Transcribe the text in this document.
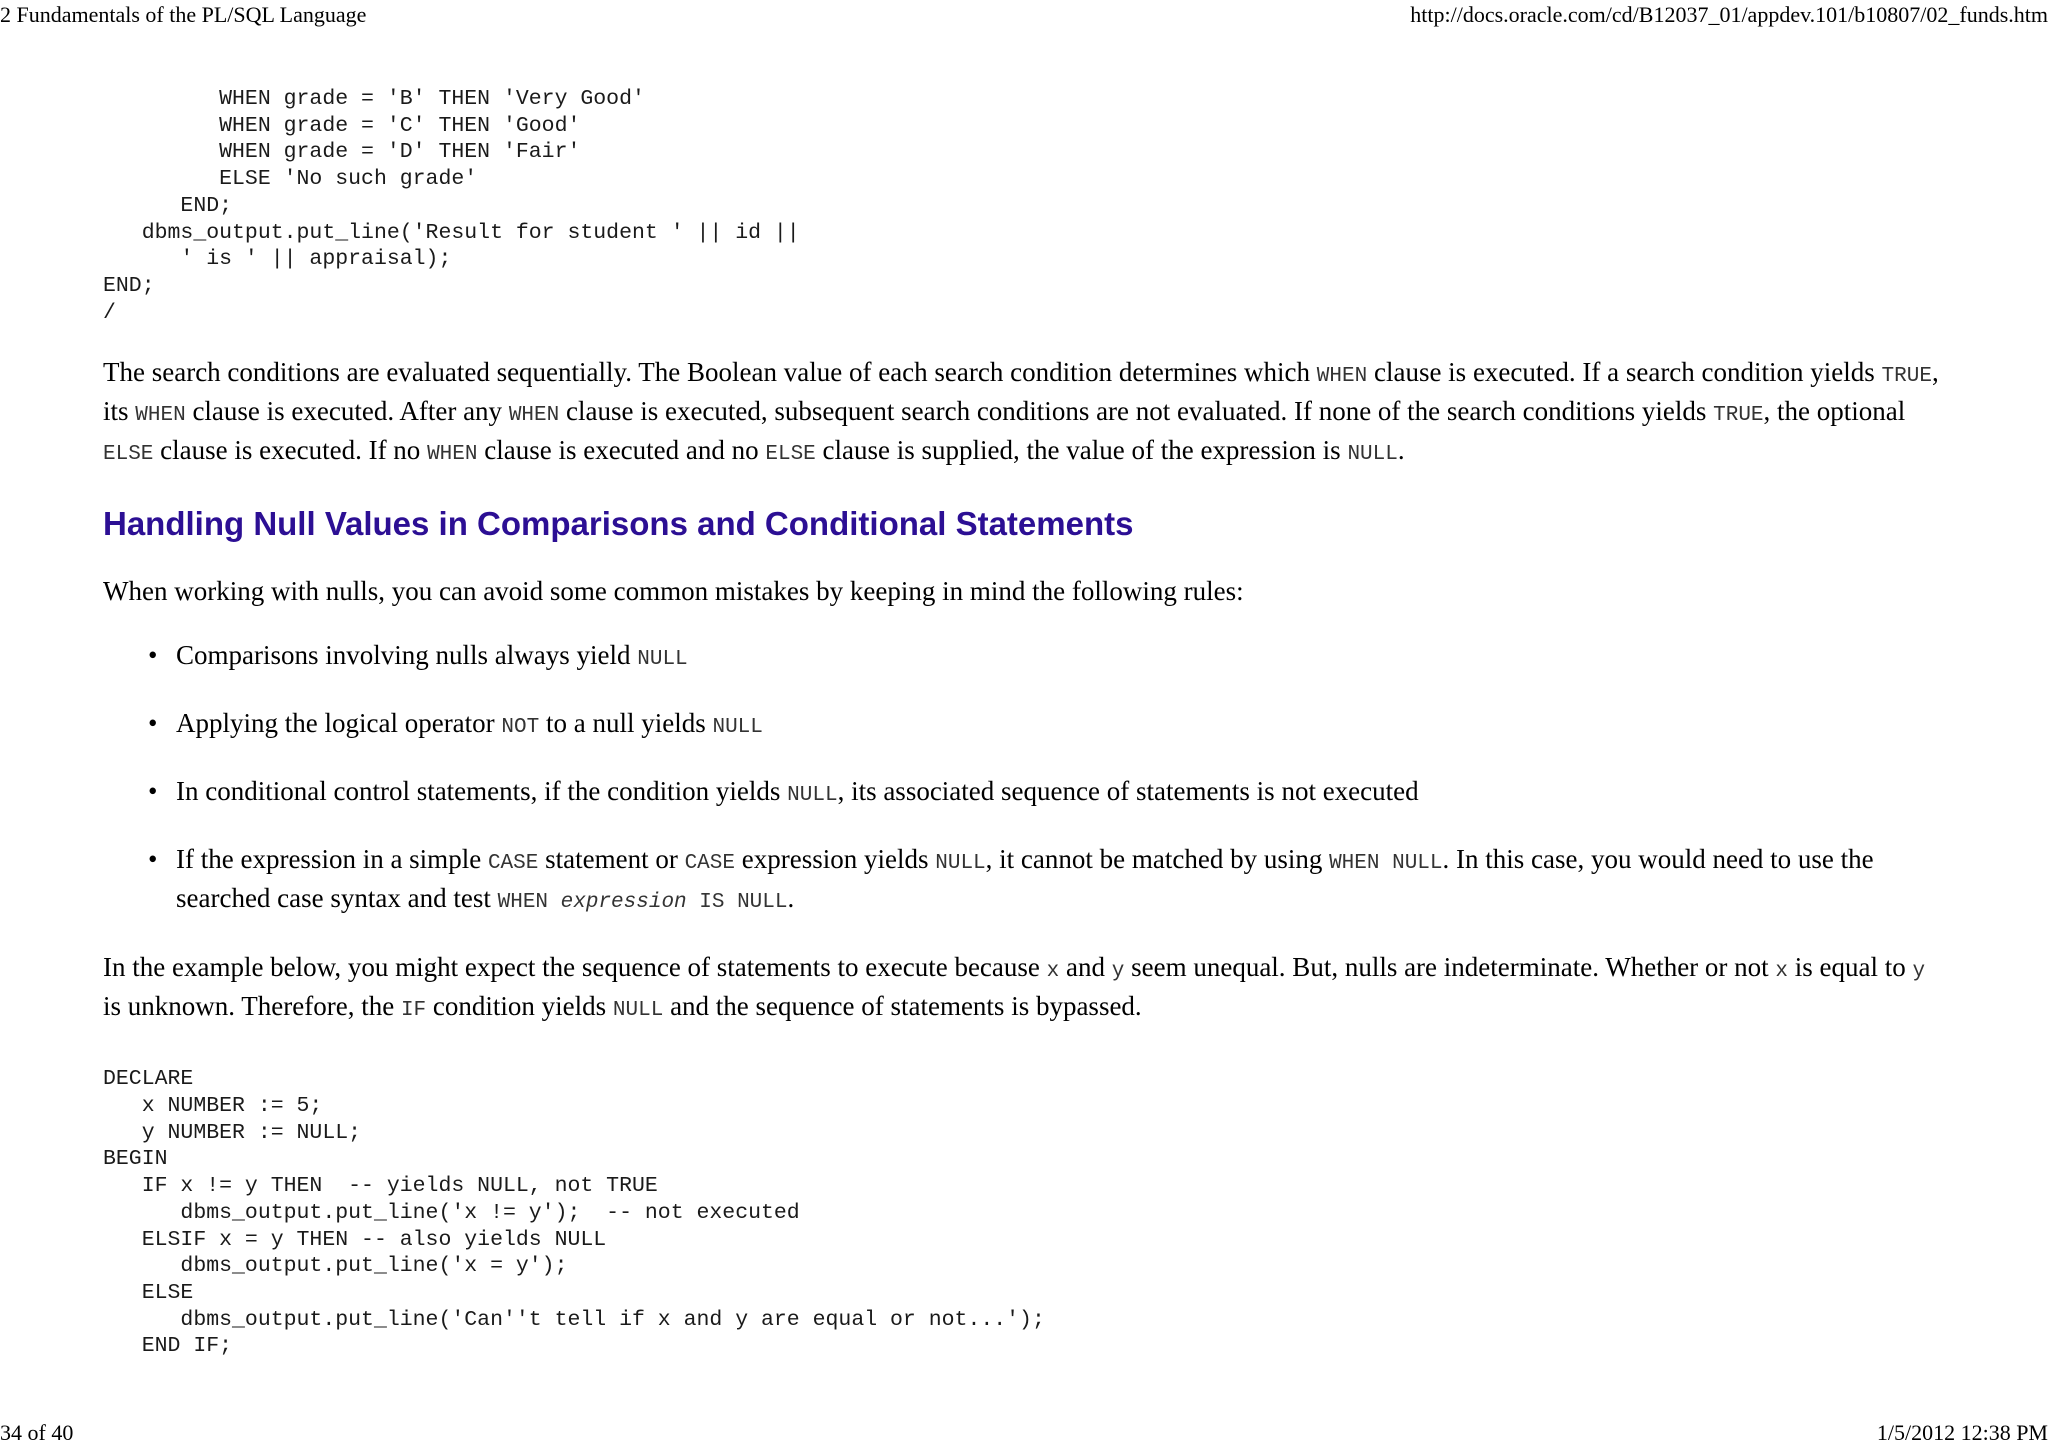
2 Fundamentals of the PL/SQL Language	http://docs.oracle.com/cd/B12037_01/appdev.101/b10807/02_funds.htm
WHEN grade = 'B' THEN 'Very Good'
WHEN grade = 'C' THEN 'Good'
WHEN grade = 'D' THEN 'Fair'
ELSE 'No such grade'
END;
dbms_output.put_line('Result for student ' || id ||
' is ' || appraisal);
END;
/

The search conditions are evaluated sequentially. The Boolean value of each search condition determines which WHEN clause is executed. If a search condition yields TRUE, its WHEN clause is executed. After any WHEN clause is executed, subsequent search conditions are not evaluated. If none of the search conditions yields TRUE, the optional ELSE clause is executed. If no WHEN clause is executed and no ELSE clause is supplied, the value of the expression is NULL.

Handling Null Values in Comparisons and Conditional Statements

When working with nulls, you can avoid some common mistakes by keeping in mind the following rules:

• Comparisons involving nulls always yield NULL
• Applying the logical operator NOT to a null yields NULL
• In conditional control statements, if the condition yields NULL, its associated sequence of statements is not executed
• If the expression in a simple CASE statement or CASE expression yields NULL, it cannot be matched by using WHEN NULL. In this case, you would need to use the searched case syntax and test WHEN expression IS NULL.

In the example below, you might expect the sequence of statements to execute because x and y seem unequal. But, nulls are indeterminate. Whether or not x is equal to y is unknown. Therefore, the IF condition yields NULL and the sequence of statements is bypassed.

DECLARE
x NUMBER := 5;
y NUMBER := NULL;
BEGIN
IF x != y THEN  -- yields NULL, not TRUE
dbms_output.put_line('x != y');  -- not executed
ELSIF x = y THEN -- also yields NULL
dbms_output.put_line('x = y');
ELSE
dbms_output.put_line('Can''t tell if x and y are equal or not...');
END IF;
34 of 40	1/5/2012 12:38 PM
